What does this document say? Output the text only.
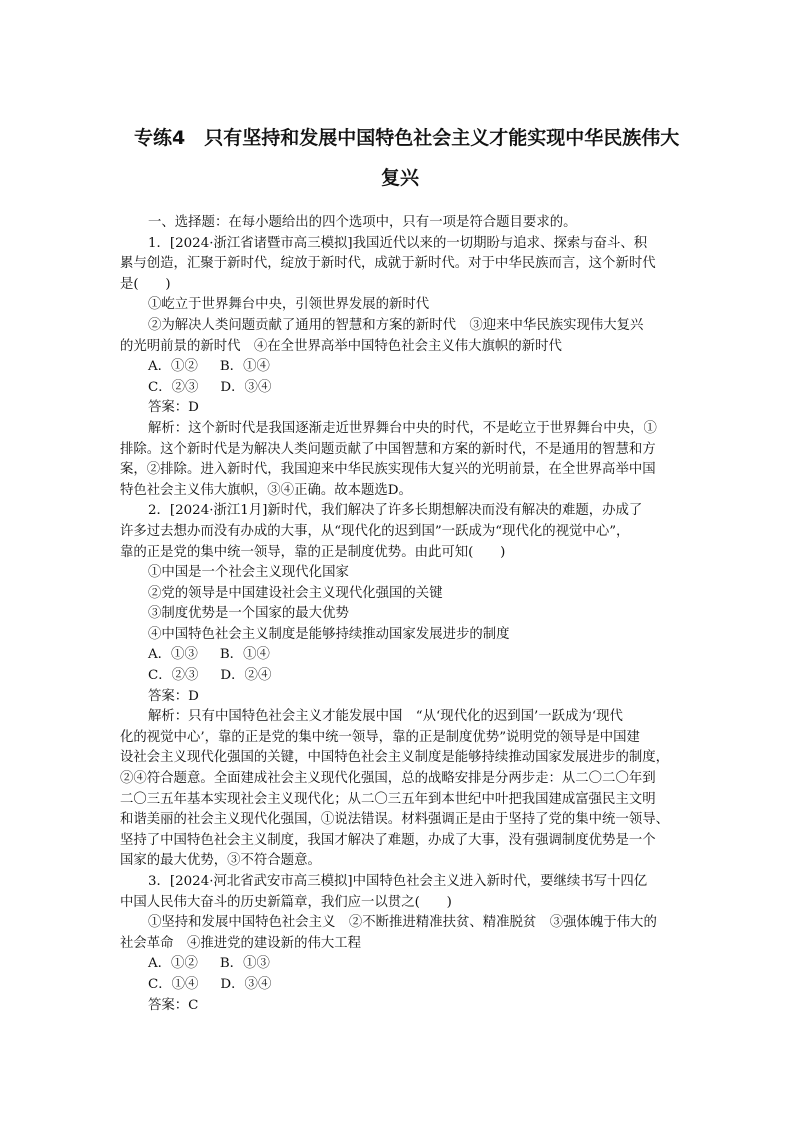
专练4　只有坚持和发展中国特色社会主义才能实现中华民族伟大
复兴
一、选择题：在每小题给出的四个选项中，只有一项是符合题目要求的。
1．[2024·浙江省诸暨市高三模拟]我国近代以来的一切期盼与追求、探索与奋斗、积
累与创造，汇聚于新时代，绽放于新时代，成就于新时代。对于中华民族而言，这个新时代
是(　　)
①屹立于世界舞台中央，引领世界发展的新时代
②为解决人类问题贡献了通用的智慧和方案的新时代　③迎来中华民族实现伟大复兴
的光明前景的新时代　④在全世界高举中国特色社会主义伟大旗帜的新时代
A．①② B．①④
C．②③ D．③④
答案：D
解析：这个新时代是我国逐渐走近世界舞台中央的时代，不是屹立于世界舞台中央，①
排除。这个新时代是为解决人类问题贡献了中国智慧和方案的新时代，不是通用的智慧和方
案，②排除。进入新时代，我国迎来中华民族实现伟大复兴的光明前景，在全世界高举中国
特色社会主义伟大旗帜，③④正确。故本题选D。
2．[2024·浙江1月]新时代，我们解决了许多长期想解决而没有解决的难题，办成了
许多过去想办而没有办成的大事，从“现代化的迟到国”一跃成为“现代化的视觉中心”，
靠的正是党的集中统一领导，靠的正是制度优势。由此可知(　　)
①中国是一个社会主义现代化国家
②党的领导是中国建设社会主义现代化强国的关键
③制度优势是一个国家的最大优势
④中国特色社会主义制度是能够持续推动国家发展进步的制度
A．①③ B．①④
C．②③ D．②④
答案：D
解析：只有中国特色社会主义才能发展中国　“从‘现代化的迟到国’一跃成为‘现代
化的视觉中心’，靠的正是党的集中统一领导，靠的正是制度优势”说明党的领导是中国建
设社会主义现代化强国的关键，中国特色社会主义制度是能够持续推动国家发展进步的制度，
②④符合题意。全面建成社会主义现代化强国，总的战略安排是分两步走：从二〇二〇年到
二〇三五年基本实现社会主义现代化；从二〇三五年到本世纪中叶把我国建成富强民主文明
和谐美丽的社会主义现代化强国，①说法错误。材料强调正是由于坚持了党的集中统一领导、
坚持了中国特色社会主义制度，我国才解决了难题，办成了大事，没有强调制度优势是一个
国家的最大优势，③不符合题意。
3．[2024·河北省武安市高三模拟]中国特色社会主义进入新时代，要继续书写十四亿
中国人民伟大奋斗的历史新篇章，我们应一以贯之(　　)
①坚持和发展中国特色社会主义　②不断推进精准扶贫、精准脱贫　③强体魄于伟大的
社会革命　④推进党的建设新的伟大工程
A．①② B．①③
C．①④ D．③④
答案：C
